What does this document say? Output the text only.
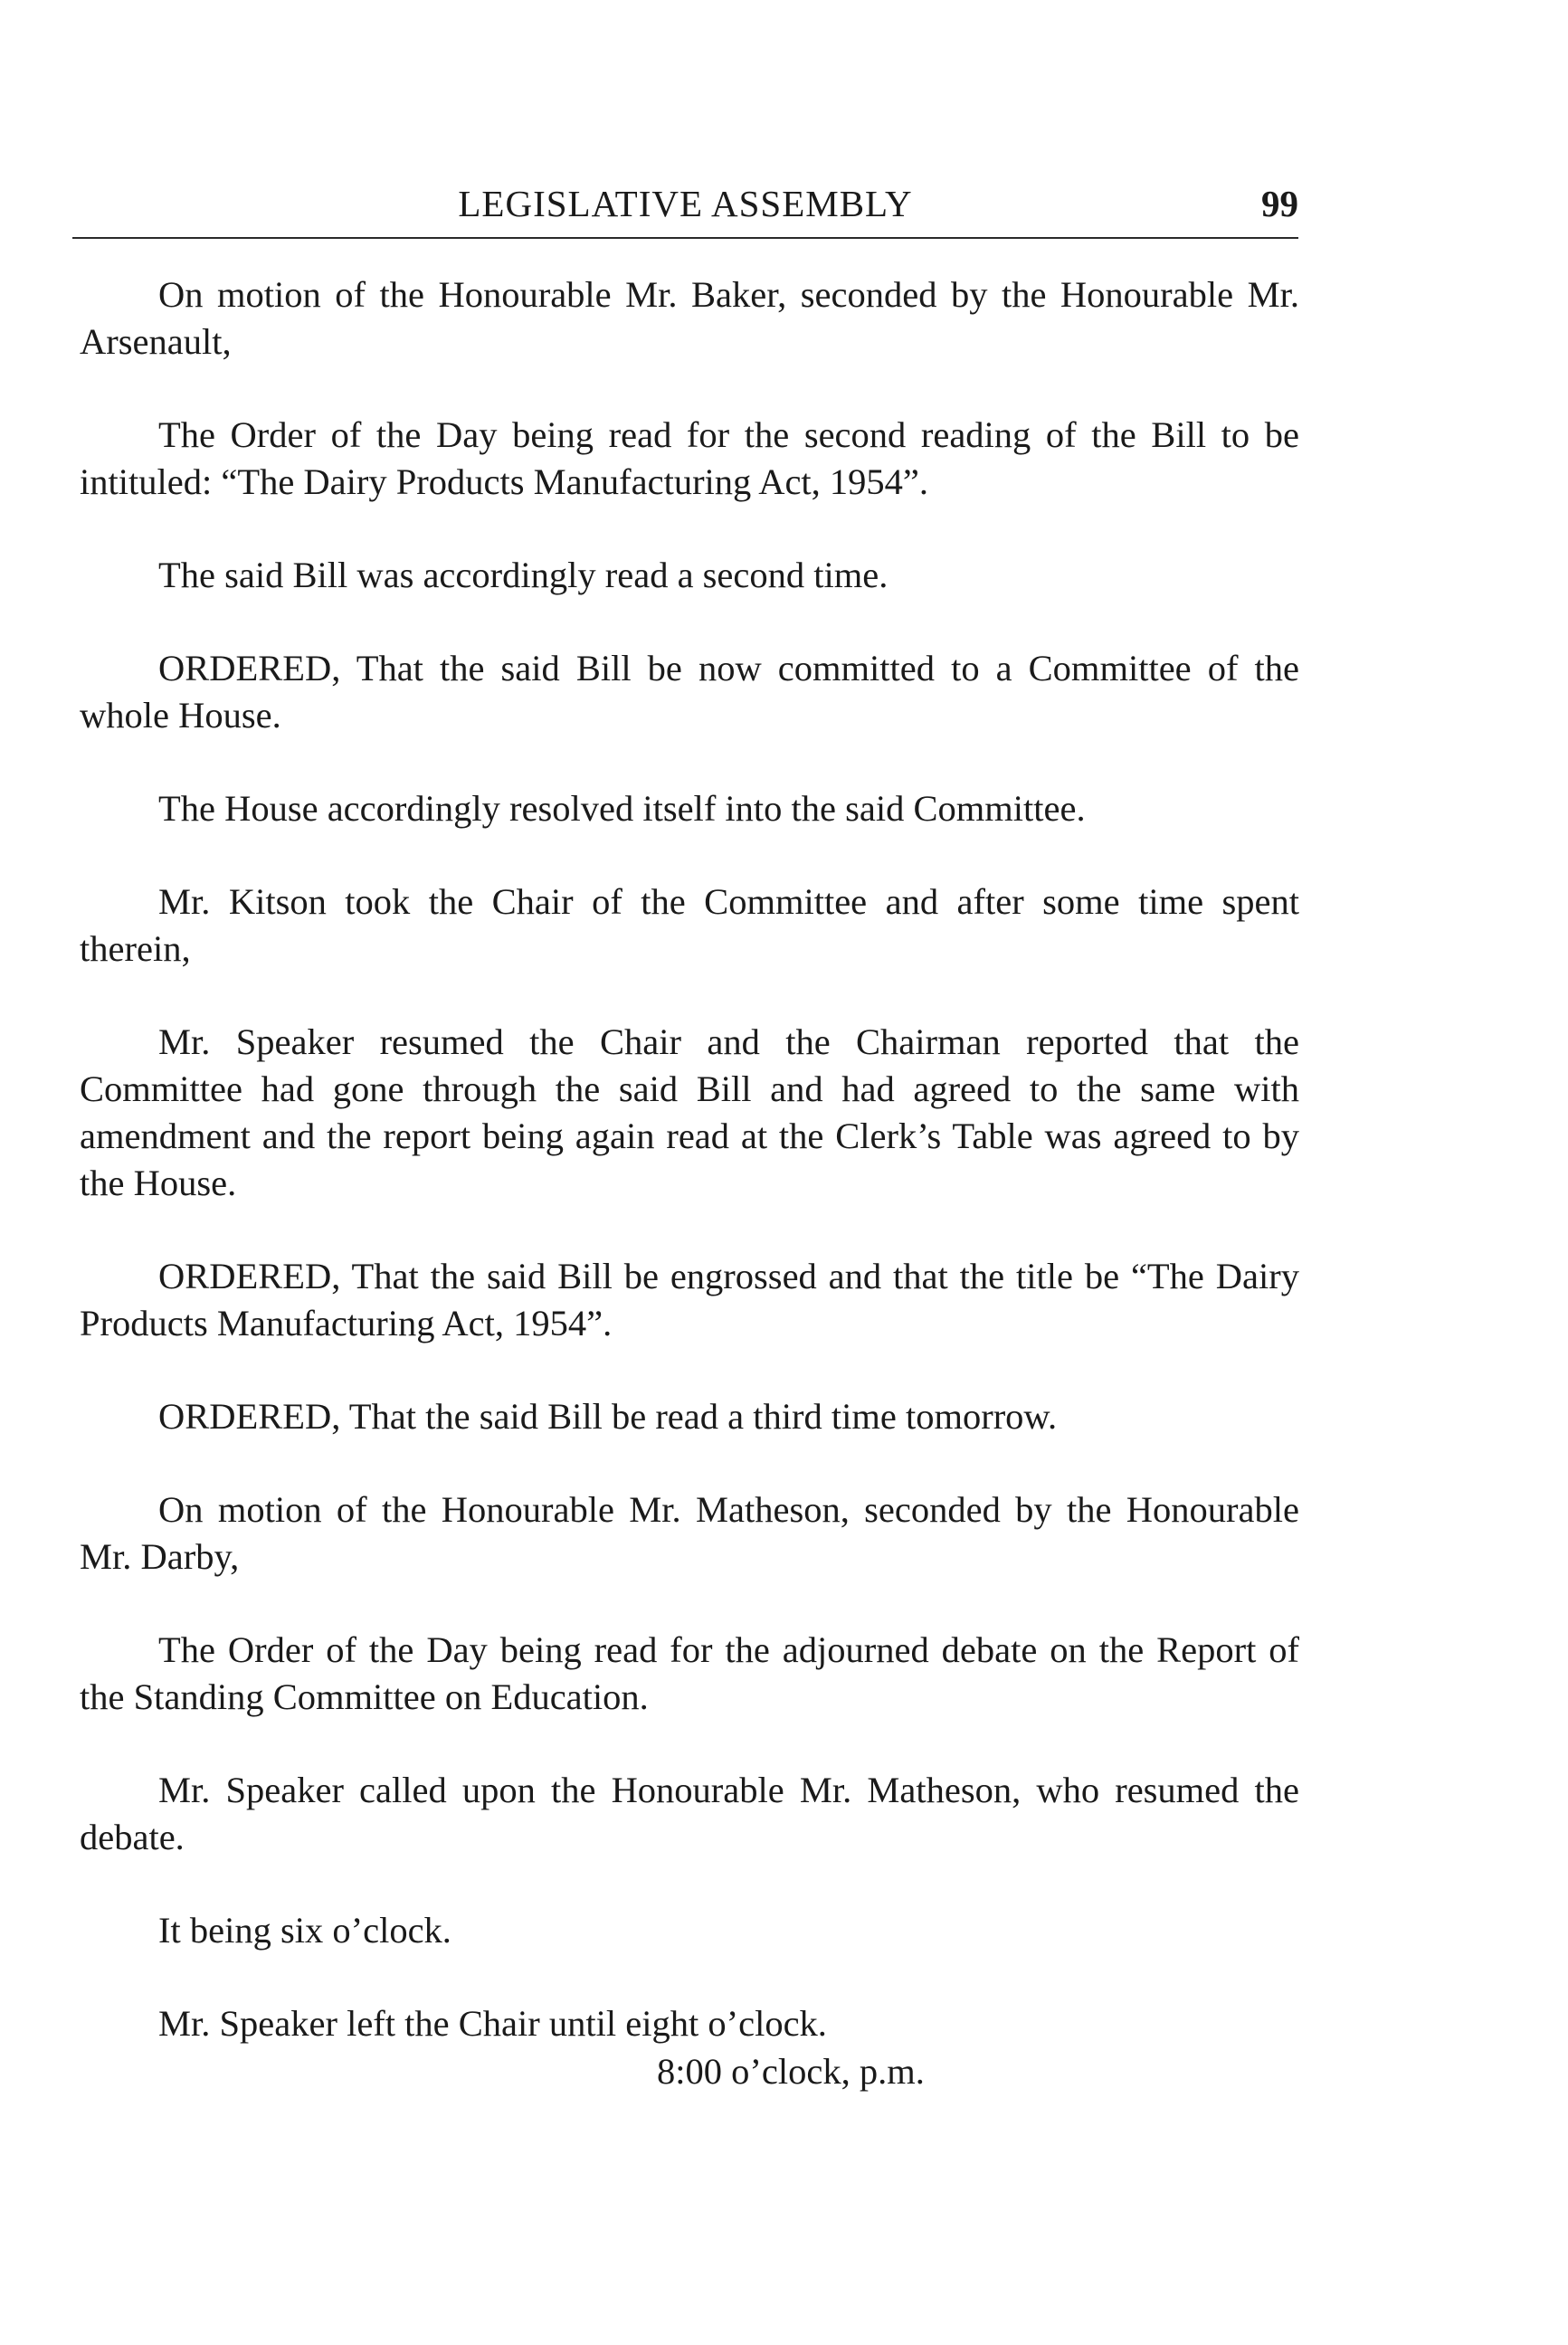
LEGISLATIVE ASSEMBLY	99

On motion of the Honourable Mr. Baker, seconded by the Honourable Mr. Arsenault,

The Order of the Day being read for the second reading of the Bill to be intituled: “The Dairy Products Manufacturing Act, 1954”.

The said Bill was accordingly read a second time.

ORDERED, That the said Bill be now committed to a Committee of the whole House.

The House accordingly resolved itself into the said Committee.

Mr. Kitson took the Chair of the Committee and after some time spent therein,

Mr. Speaker resumed the Chair and the Chairman reported that the Committee had gone through the said Bill and had agreed to the same with amendment and the report being again read at the Clerk’s Table was agreed to by the House.

ORDERED, That the said Bill be engrossed and that the title be “The Dairy Products Manufacturing Act, 1954”.

ORDERED, That the said Bill be read a third time tomorrow.

On motion of the Honourable Mr. Matheson, seconded by the Honourable Mr. Darby,

The Order of the Day being read for the adjourned debate on the Report of the Standing Committee on Education.

Mr. Speaker called upon the Honourable Mr. Matheson, who resumed the debate.

It being six o’clock.

Mr. Speaker left the Chair until eight o’clock.

8:00 o’clock, p.m.
